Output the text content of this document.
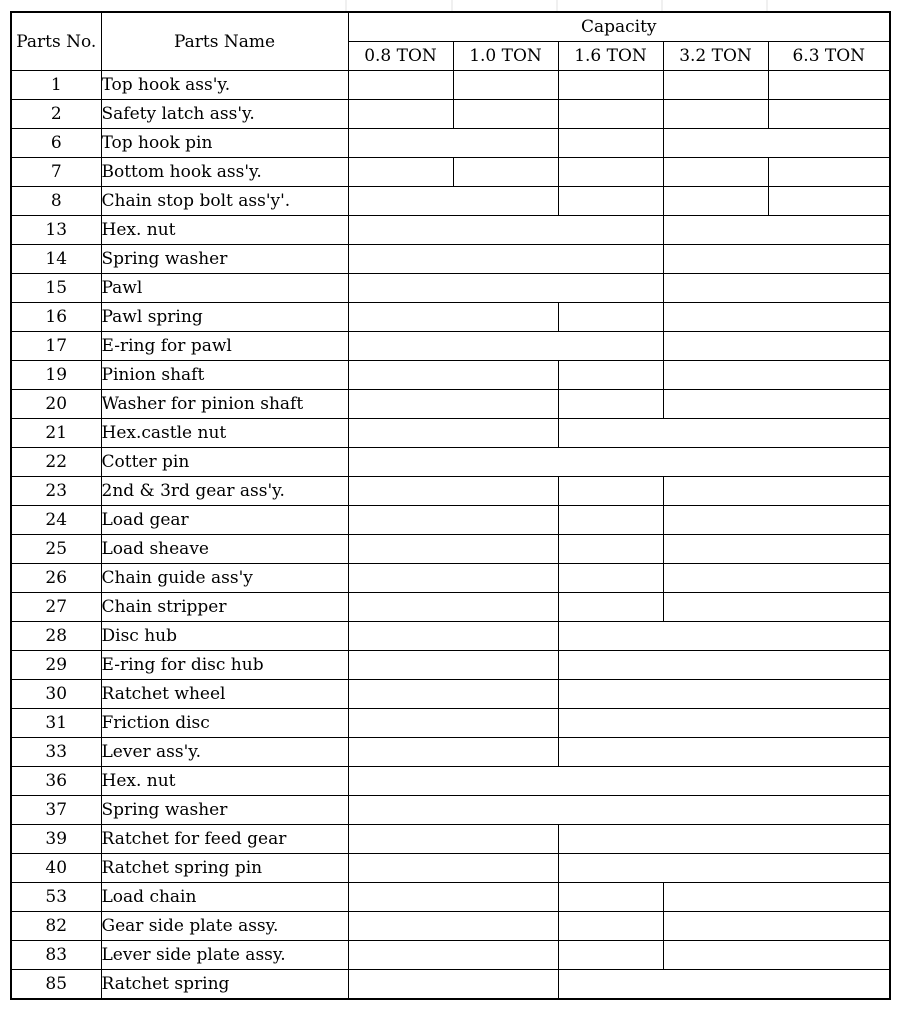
Parts No.	Parts Name	Capacity				
		0.8 TON	1.0 TON	1.6 TON	3.2 TON	6.3 TON
1	Top hook ass'y.					
2	Safety latch ass'y.					
6	Top hook pin					
7	Bottom hook ass'y.					
8	Chain stop bolt ass'y'.					
13	Hex. nut					
14	Spring washer					
15	Pawl					
16	Pawl spring					
17	E-ring for pawl					
19	Pinion shaft					
20	Washer for pinion shaft					
21	Hex.castle nut					
22	Cotter pin					
23	2nd & 3rd gear ass'y.					
24	Load gear					
25	Load sheave					
26	Chain guide ass'y					
27	Chain stripper					
28	Disc hub					
29	E-ring for disc hub					
30	Ratchet wheel					
31	Friction disc					
33	Lever ass'y.					
36	Hex. nut					
37	Spring washer					
39	Ratchet for feed gear					
40	Ratchet spring pin					
53	Load chain					
82	Gear side plate assy.					
83	Lever side plate assy.					
85	Ratchet spring					
